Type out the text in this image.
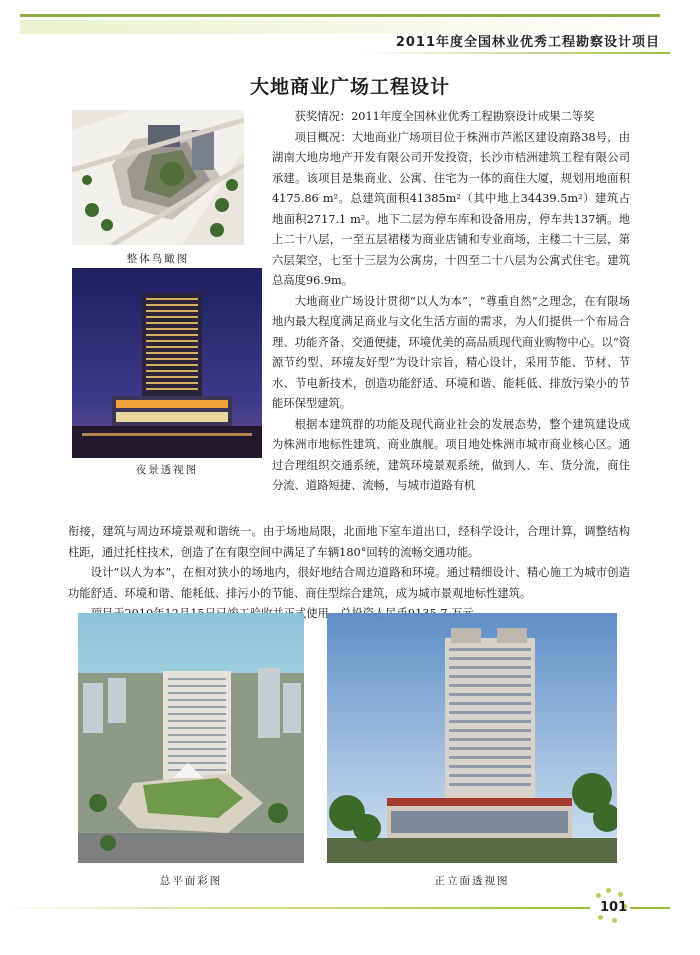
2011年度全国林业优秀工程勘察设计项目
大地商业广场工程设计
整体鸟瞰图
夜景透视图

获奖情况：2011年度全国林业优秀工程勘察设计成果二等奖

项目概况：大地商业广场项目位于株洲市芦淞区建设南路38号，由湖南大地房地产开发有限公司开发投资，长沙市桔洲建筑工程有限公司承建。该项目是集商业、公寓、住宅为一体的商住大厦，规划用地面积4175.86 m²。总建筑面积41385m²（其中地上34439.5m²）建筑占地面积2717.1 m²。地下二层为停车库和设备用房，停车共137辆。地上二十八层，一至五层裙楼为商业店铺和专业商场，主楼二十三层，第六层架空，七至十三层为公寓房，十四至二十八层为公寓式住宅。建筑总高度96.9m。

大地商业广场设计贯彻“以人为本”，“尊重自然”之理念，在有限场地内最大程度满足商业与文化生活方面的需求，为人们提供一个布局合理、功能齐备、交通便捷，环境优美的高品质现代商业购物中心。以“资源节约型、环境友好型”为设计宗旨，精心设计，采用节能、节材、节水、节电新技术，创造功能舒适、环境和谐、能耗低、排放污染小的节能环保型建筑。

根据本建筑群的功能及现代商业社会的发展态势，整个建筑建设成为株洲市地标性建筑、商业旗舰。项目地处株洲市城市商业核心区。通过合理组织交通系统，建筑环境景观系统，做到人、车、货分流，商住分流、道路短捷、流畅，与城市道路有机

衔接，建筑与周边环境景观和谐统一。由于场地局限，北面地下室车道出口，经科学设计，合理计算，调整结构柱距，通过托柱技术，创造了在有限空间中满足了车辆180°回转的流畅交通功能。

设计“以人为本”，在相对狭小的场地内，很好地结合周边道路和环境。通过精细设计、精心施工为城市创造功能舒适、环境和谐、能耗低、排污小的节能、商住型综合建筑，成为城市景观地标性建筑。

总平面彩图	正立面透视图
101
